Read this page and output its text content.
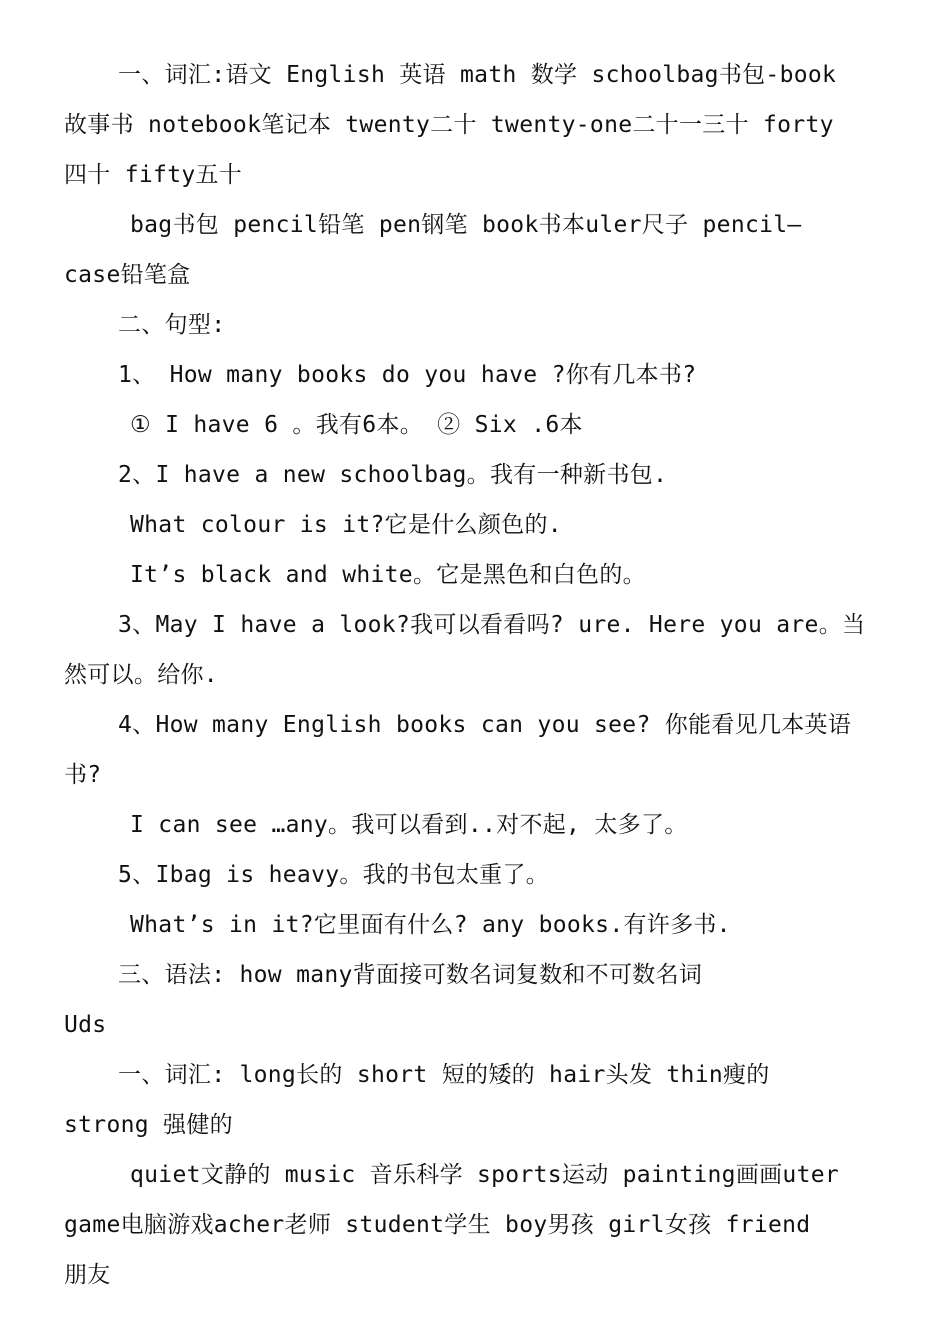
一、词汇:语文 English 英语 math 数学 schoolbag书包-book
故事书 notebook笔记本 twenty二十 twenty-one二十一三十 forty
四十 fifty五十
bag书包 pencil铅笔 pen钢笔 book书本uler尺子 pencil—
case铅笔盒
二、句型:
1、 How many books do you have ?你有几本书?
① I have 6 。我有6本。 ② Six .6本
2、I have a new schoolbag。我有一种新书包.
What colour is it?它是什么颜色的.
It’s black and white。它是黑色和白色的。
3、May I have a look?我可以看看吗? ure. Here you are。当
然可以。给你.
4、How many English books can you see? 你能看见几本英语
书?
I can see …any。我可以看到..对不起, 太多了。
5、Ibag is heavy。我的书包太重了。
What’s in it?它里面有什么? any books.有许多书.
三、语法: how many背面接可数名词复数和不可数名词
Uds
一、词汇: long长的 short 短的矮的 hair头发 thin瘦的
strong 强健的
quiet文静的 music 音乐科学 sports运动 painting画画uter
game电脑游戏acher老师 student学生 boy男孩 girl女孩 friend
朋友
